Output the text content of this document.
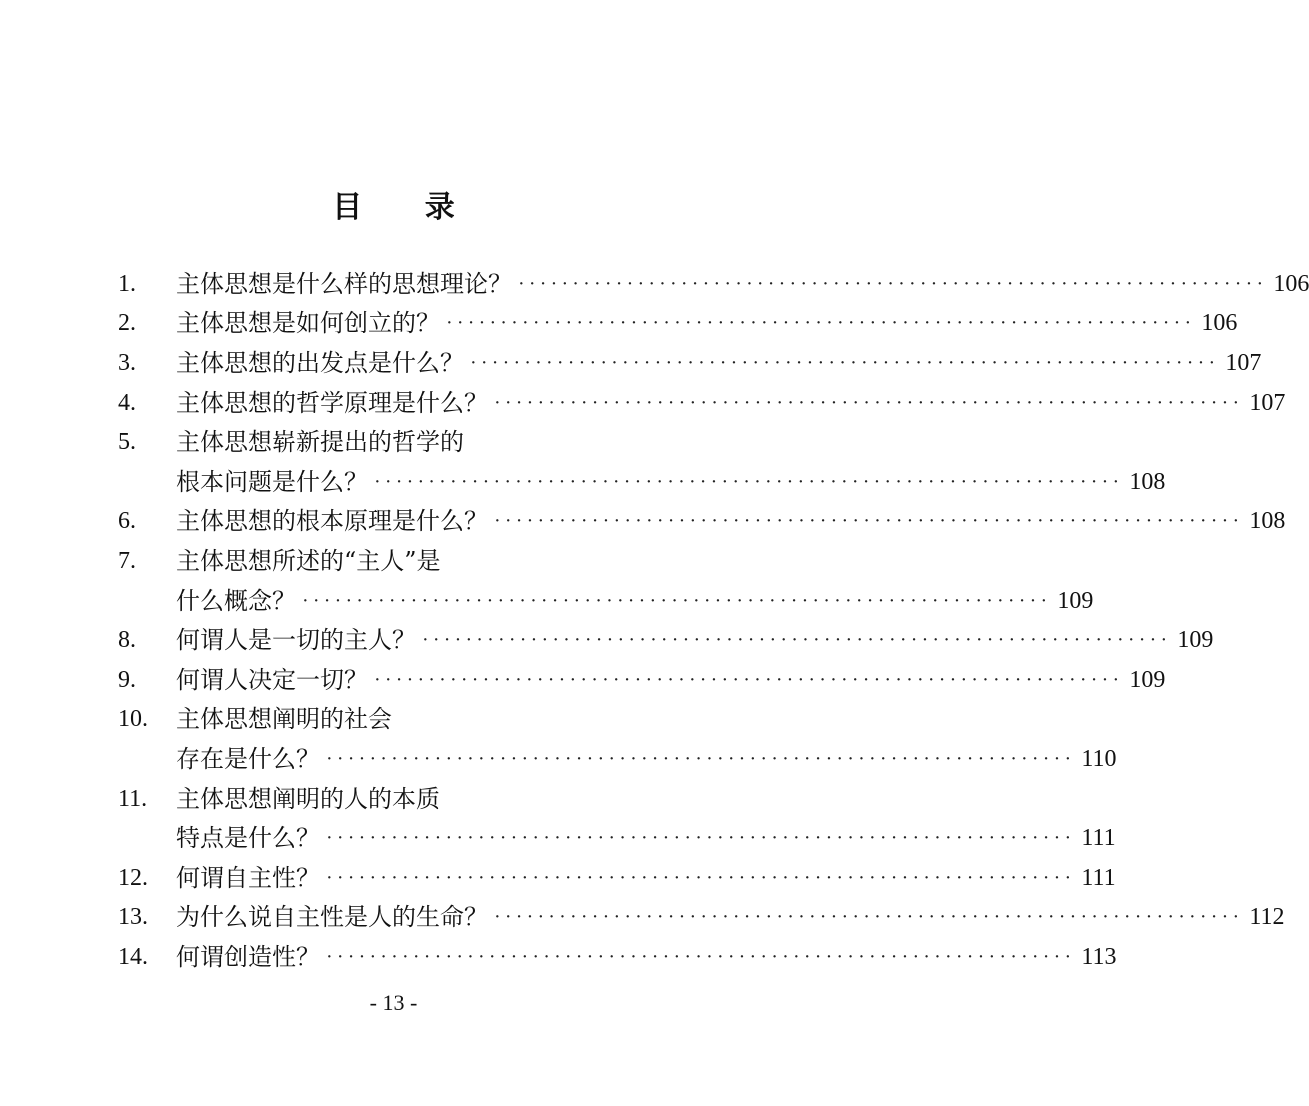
目 录
1.	主体思想是什么样的思想理论？ ····································································· 106
2.	主体思想是如何创立的？ ····································································· 106
3.	主体思想的出发点是什么？ ····································································· 107
4.	主体思想的哲学原理是什么？ ····································································· 107
5.	主体思想崭新提出的哲学的
根本问题是什么？ ····································································· 108
6.	主体思想的根本原理是什么？ ····································································· 108
7.	主体思想所述的“主人”是
什么概念？ ····································································· 109
8.	何谓人是一切的主人？ ····································································· 109
9.	何谓人决定一切？ ····································································· 109
10.	主体思想阐明的社会
存在是什么？ ····································································· 110
11.	主体思想阐明的人的本质
特点是什么？ ····································································· 111
12.	何谓自主性？ ····································································· 111
13.	为什么说自主性是人的生命？ ····································································· 112
14.	何谓创造性？ ····································································· 113
- 13 -
